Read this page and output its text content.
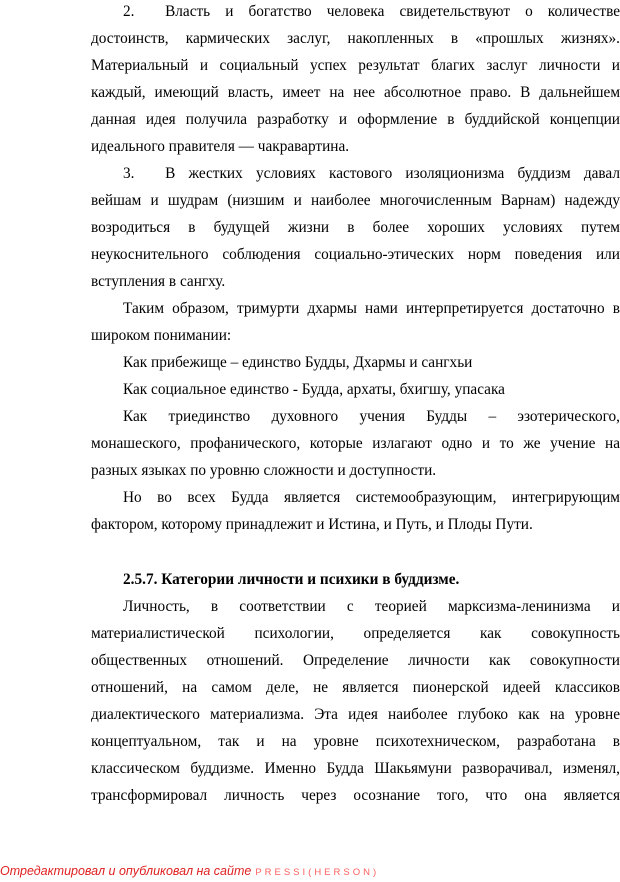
2.  Власть и богатство человека свидетельствуют о количестве
достоинств, кармических заслуг, накопленных в «прошлых жизнях».
Материальный и социальный успех результат благих заслуг личности и
каждый, имеющий власть, имеет на нее абсолютное право. В дальнейшем
данная идея получила разработку и оформление в буддийской концепции
идеального правителя — чакравартина.
3.  В жестких условиях кастового изоляционизма буддизм давал
вейшам и шудрам (низшим и наиболее многочисленным Варнам) надежду
возродиться в будущей жизни в более хороших условиях путем
неукоснительного соблюдения социально-этических норм поведения или
вступления в сангху.
Таким образом, тримурти дхармы нами интерпретируется достаточно в
широком понимании:
Как прибежище – единство Будды, Дхармы и сангхьи
Как социальное единство - Будда, архаты, бхигшу, упасака
Как триединство духовного учения Будды – эзотерического,
монашеского, профанического, которые излагают одно и то же учение на
разных языках по уровню сложности и доступности.
Но во всех Будда является системообразующим, интегрирующим
фактором, которому принадлежит и Истина, и Путь, и Плоды Пути.
2.5.7. Категории личности и психики в буддизме.
Личность, в соответствии с теорией марксизма-ленинизма и
материалистической психологии, определяется как совокупность
общественных отношений. Определение личности как совокупности
отношений, на самом деле, не является пионерской идеей классиков
диалектического материализма. Эта идея наиболее глубоко как на уровне
концептуальном, так и на уровне психотехническом, разработана в
классическом буддизме. Именно Будда Шакьямуни разворачивал, изменял,
трансформировал личность через осознание того, что она является
Отредактировал и опубликовал на сайте PRESSI(HERSON)
